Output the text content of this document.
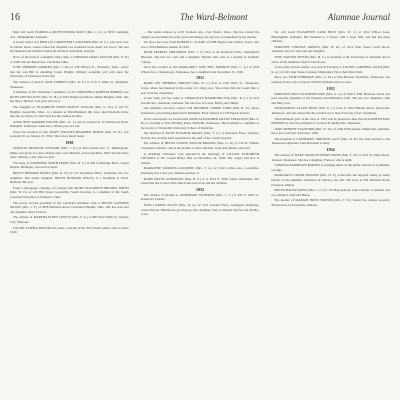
16	The Ward-Belmont	Alumnae Journal

Mail still reach FLORELLA RUTH BYROM MAST (Mrs. J. K.) at 3833 Cumming Ave., Birmingham, Alabama.

A recent visitor was PHYLLIS CARPENTER LANGFORD (Mrs. W. C.), who lives now in central Texas. Guests where her husband was stationed in the Army Air Force. She and her husband and children visited the Fields in Savannah, Georgia.

News of the birth of a daughter, Mary Ann, to VIRGINIA CRAIG TAYLOR (Mrs. E. H.) of 1000 Lincoln Boulevard, Cleveland, Ohio.

JUNE SIMMONS WARREN (Mrs. J. M.) of 248 Willard St., Nashville, Tenn., writes that her son Bill is attending Castle Heights Military Academy and will enter the University of Tennessee in the fall.

The address of ALICE JANE FORREST (Mrs. R. E.) is 1716 S. Main St., Memphis, Tennessee.

A member of the Christmas Committee of the DOROTHEA ALBERTA BRIDGE was RUTH ANN ELLIOTT (Mrs. W. H.) of 3203 Ridgewood Road, Shaker Heights, Ohio. She has three children, twin girls and a boy.

The daughter of ELIZABETH OWEN BAILEY TAYLOR (Mrs. G. M.) of 102 W. Heights, Greenville, Miss., is a student at Ward-Belmont this year, and Elizabeth writes that she too hopes to come back for the reunion in June.

ANNE HITE WARREN PATTON (Mrs. W. J.) can be reached at 19 Windwood Road, Memphis, Tennessee. Anne has a fifteen-year-old son.

Word has reached us that MARY VIRGINIA BEARDEN BURNS (Mrs. H. K.) was seriously ill on January 25, 1950. She is now much better.

1930

FRANCES DEWEESE STEWART (Mrs. J. E.) of 4224 Zenith Ave. S., Minneapolis, Minn., has given us a new address and a son, Michael, born September 1949. She has three other children, a boy and two girls.

The baby of JOSEPHINE SMITH PERRY (Mrs. R. F.) of 600 Cambridge Blvd., Grand Rapids, Michigan, was born in April.

HELEN HOWARD DYKES (Mrs. R. W.) of 311 Woodmont Blvd., Nashville, has two daughters. Her oldest daughter, HELEN HOWARD DYKES, is a freshman at Ward-Belmont this year.

From a newspaper clipping, we learned that MARY ELIZABETH BROOKS SMITH (Mrs. W. E.) of 120 Hill Street, Greenville, South Carolina, is a member of the South Carolina Federation of Women's Clubs.

The newly elected president of the Cleveland Alumnae Club is HELEN SANDERS MCGEE (Mrs. J. F.) of 2828 Hampton Road, Cleveland Heights, Ohio. She has sons and one daughter, Mary Frances.

The address of MARTHA FLINN LOVETT (Mrs. F. G.) is 800 West Ninth St., Kansas City, Missouri.

LOUISE ALTHEA ROGERS has been a teacher in the Fort Worth public schools since 1940.

... Her home address is 2105 Tremont Ave., Fort Worth, Texas. She has visited the campus several times in recent years and during one trip was accompanied by her mother.

We had a nice note from ROBERT L. CLARK of 3208 Maple Lane, Dallas, Texas, who was a Ward-Belmont student in 1930.

RUTH PEEBLES CHILDRESS (Mrs. J. T.) lives at 44 Overlook Drive, Springfield, Missouri. She has two sons and a daughter, Martha Ann, who is a student at Stephens College.

Word has reached us that MARGARET JANE HILL MONROE (Mrs. C. A.) of 1624 Wilson Ave., Chattanooga, Tennessee, has a daughter born November 15, 1949.

1931

MARY LEE SHERRILL BRYANT (Mrs. W. L.) lives at 2105 Olive St., Texarkana, Texas, where her husband is the owner of a drug store. She writes that she would like to hear from her classmates.

A new baby girl has come to CHARLOTTE HAMMOND FOX (Mrs. R. L.) of 1414 Second Ave., Anniston, Alabama. She also has two sons, Bobby and Jimmy.

Our Alumnae Secretary visited with MILDRED CURRIE TODD (Mrs. R. P.), whose husband is a practicing physician in Memphis. Their address is 1720 Poplar Avenue.

From a newspaper we learned that ANNE ALEXANDER GRANT FERGUSON (Mrs. E. M.) is residing at 4210 Harding Road, Nashville, Tennessee. Her husband is a member of the faculty of Vanderbilt University School of Medicine.

The husband of RUTH ELEANOR DRAKE (Mrs. T. C.) of Aberdeen Place, Sarasota, Florida, has recently been appointed to the staff of the county hospital.

The address of HELEN LOUISE TAYLOR BROOKS (Mrs. G. W.) is 410 N. Walnut, Greensboro, Illinois. She is the mother of three children, Sally Ann, Helen, and Tom.

A charming Christmas card announced the marriage of LILLIAN ELIZABETH STEWART to Mr. Joseph Henry Hall on December 24, 1949. The couple will live in Atlanta.

MARIANNE WATKINS GILLESPIE (Mrs. T. A.) of 3124 Carlton Ave., Louisville, Kentucky, has a new son, Thomas Andrew Jr.

MARY HELEN ANDERSON (Mrs. B. E.) is at 2612 E. Fifth, Tulsa, Oklahoma. She writes that she is busy with church and club work and her children.

1932

The address of ALMA G. ANDERSON STEPHENS (Mrs. C. L.) is 832 S. 18th St., Pensacola, Florida.

JEAN CARTER ALLEN (Mrs. R. A.) of 2311 Garden Place, Lexington, Kentucky, writes that her children are growing up. Her daughter, Jean, is thirteen and her son, Bobby, is ten.

We will reach ELIZABETH CARR HOLT (Mrs. W. J.) at 3012 Wilton Lane, Birmingham, Alabama. Her husband is a lawyer with a large firm, and she has three children.

DOROTHY LINDSAY GRAVES (Mrs. H. R.) of 1912 Pine Street, Little Rock, Arkansas, has two sons and one daughter.

JUNE WATSON MYERS (Mrs. B. C.) is teaching at the University of Alabama and is active in the Alumnae Club in Tuscaloosa.

A new baby, Robert Arthur, was born in February to LOUISE CAMPBELL DEAN (Mrs. R. A.) of 1415 Oak Street, Jackson, Mississippi. He is their third child.

Mary Lee WEIR ETHRIDGE (Mrs. A. M.) of 624 Hudson, Nashville, Tennessee, has returned from a trip to Europe with her husband and two sons.

1933

DOROTHY ANN CULPEPPER KING (Mrs. G. A.) of 3420 S. Hill, Houston, Texas, has been elected president of the Houston Ward-Belmont Club. She has two daughters, Ann and Mary Lou.

MARGUERITE ALLEN SHAW (Mrs. E. C.) lives at 1810 Hillside Drive, Knoxville, Tennessee, and she writes that she would love to hear from any of her classmates.

Ward-Belmont girls of the class of 1933 will be pleased to hear that ELIZABETH MAY HOPKINS is now the principal of a school in Shelbyville, Tennessee.

JANE MURPHY STANFORD (Mrs. W. W.) of 1206 Fifth Avenue, Huntsville, Alabama, has a new son born in October 1949.

The husband of CATHERINE JOHNSON LACY (Mrs. D. H.) has been elected to the Tennessee legislature from Davidson County.

1934

The address of MARY FRANCES PERRY HOWE (Mrs. T. M.) is 2011 W. Main Street, Jackson, Tennessee. She has a daughter, Frances, who is eight.

VIRGINIA MORRISON BARNES is teaching music in the public schools of Columbus, Georgia.

MARGARET GOODE HANSEN (Mrs. H. T.) writes that she enjoyed seeing so many friends at the Alumnae Luncheon in Chicago last fall. She lives at 930 Sheridan Road, Evanston, Illinois.

HELEN BAKER DAVIS (Mrs. J. C.) of 710 Bayou Road, Lake Charles, Louisiana, has two children, John and Helen.

The mother of MARIAN BOYD TURNER (Mrs. F. W.) visited the campus recently. Marian lives in Evansville, Indiana.
